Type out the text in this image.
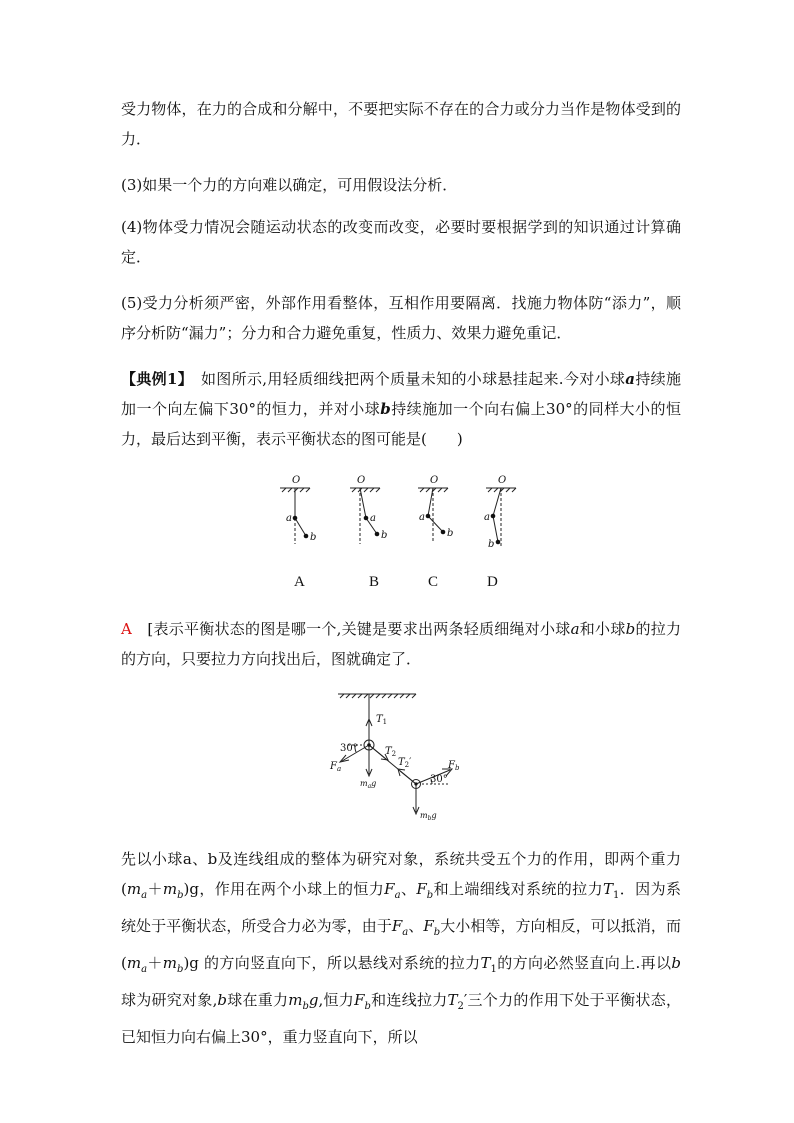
受力物体，在力的合成和分解中，不要把实际不存在的合力或分力当作是物体受到的力．

(3)如果一个力的方向难以确定，可用假设法分析．

(4)物体受力情况会随运动状态的改变而改变，必要时要根据学到的知识通过计算确定．

(5)受力分析须严密，外部作用看整体，互相作用要隔离．找施力物体防“添力”，顺序分析防“漏力”；分力和合力避免重复，性质力、效果力避免重记．

【典例1】　如图所示,用轻质细线把两个质量未知的小球悬挂起来.今对小球a持续施加一个向左偏下30°的恒力，并对小球b持续施加一个向右偏上30°的同样大小的恒力，最后达到平衡，表示平衡状态的图可能是(　　)

O
a
b
O
a
b
O
a
b
O
a
b
A	B	C	D

A　 [表示平衡状态的图是哪一个,关键是要求出两条轻质细绳对小球a和小球b的拉力的方向，只要拉力方向找出后，图就确定了．

$T_1$
$T_2$
$T_2'$
30°
30°
$F_a$	$F_b$
$m_ag$
$m_bg$

先以小球a、b及连线组成的整体为研究对象，系统共受五个力的作用，即两个重力$(m_a+m_b)g$，作用在两个小球上的恒力$F_a$、$F_b$和上端细线对系统的拉力$T_1$．因为系统处于平衡状态，所受合力必为零，由于$F_a$、$F_b$大小相等，方向相反，可以抵消，而$(m_a+m_b)g$ 的方向竖直向下，所以悬线对系统的拉力$T_1$的方向必然竖直向上.再以b球为研究对象,b球在重力$m_bg$,恒力$F_b$和连线拉力$T_2'$三个力的作用下处于平衡状态，已知恒力向右偏上30°，重力竖直向下，所以
